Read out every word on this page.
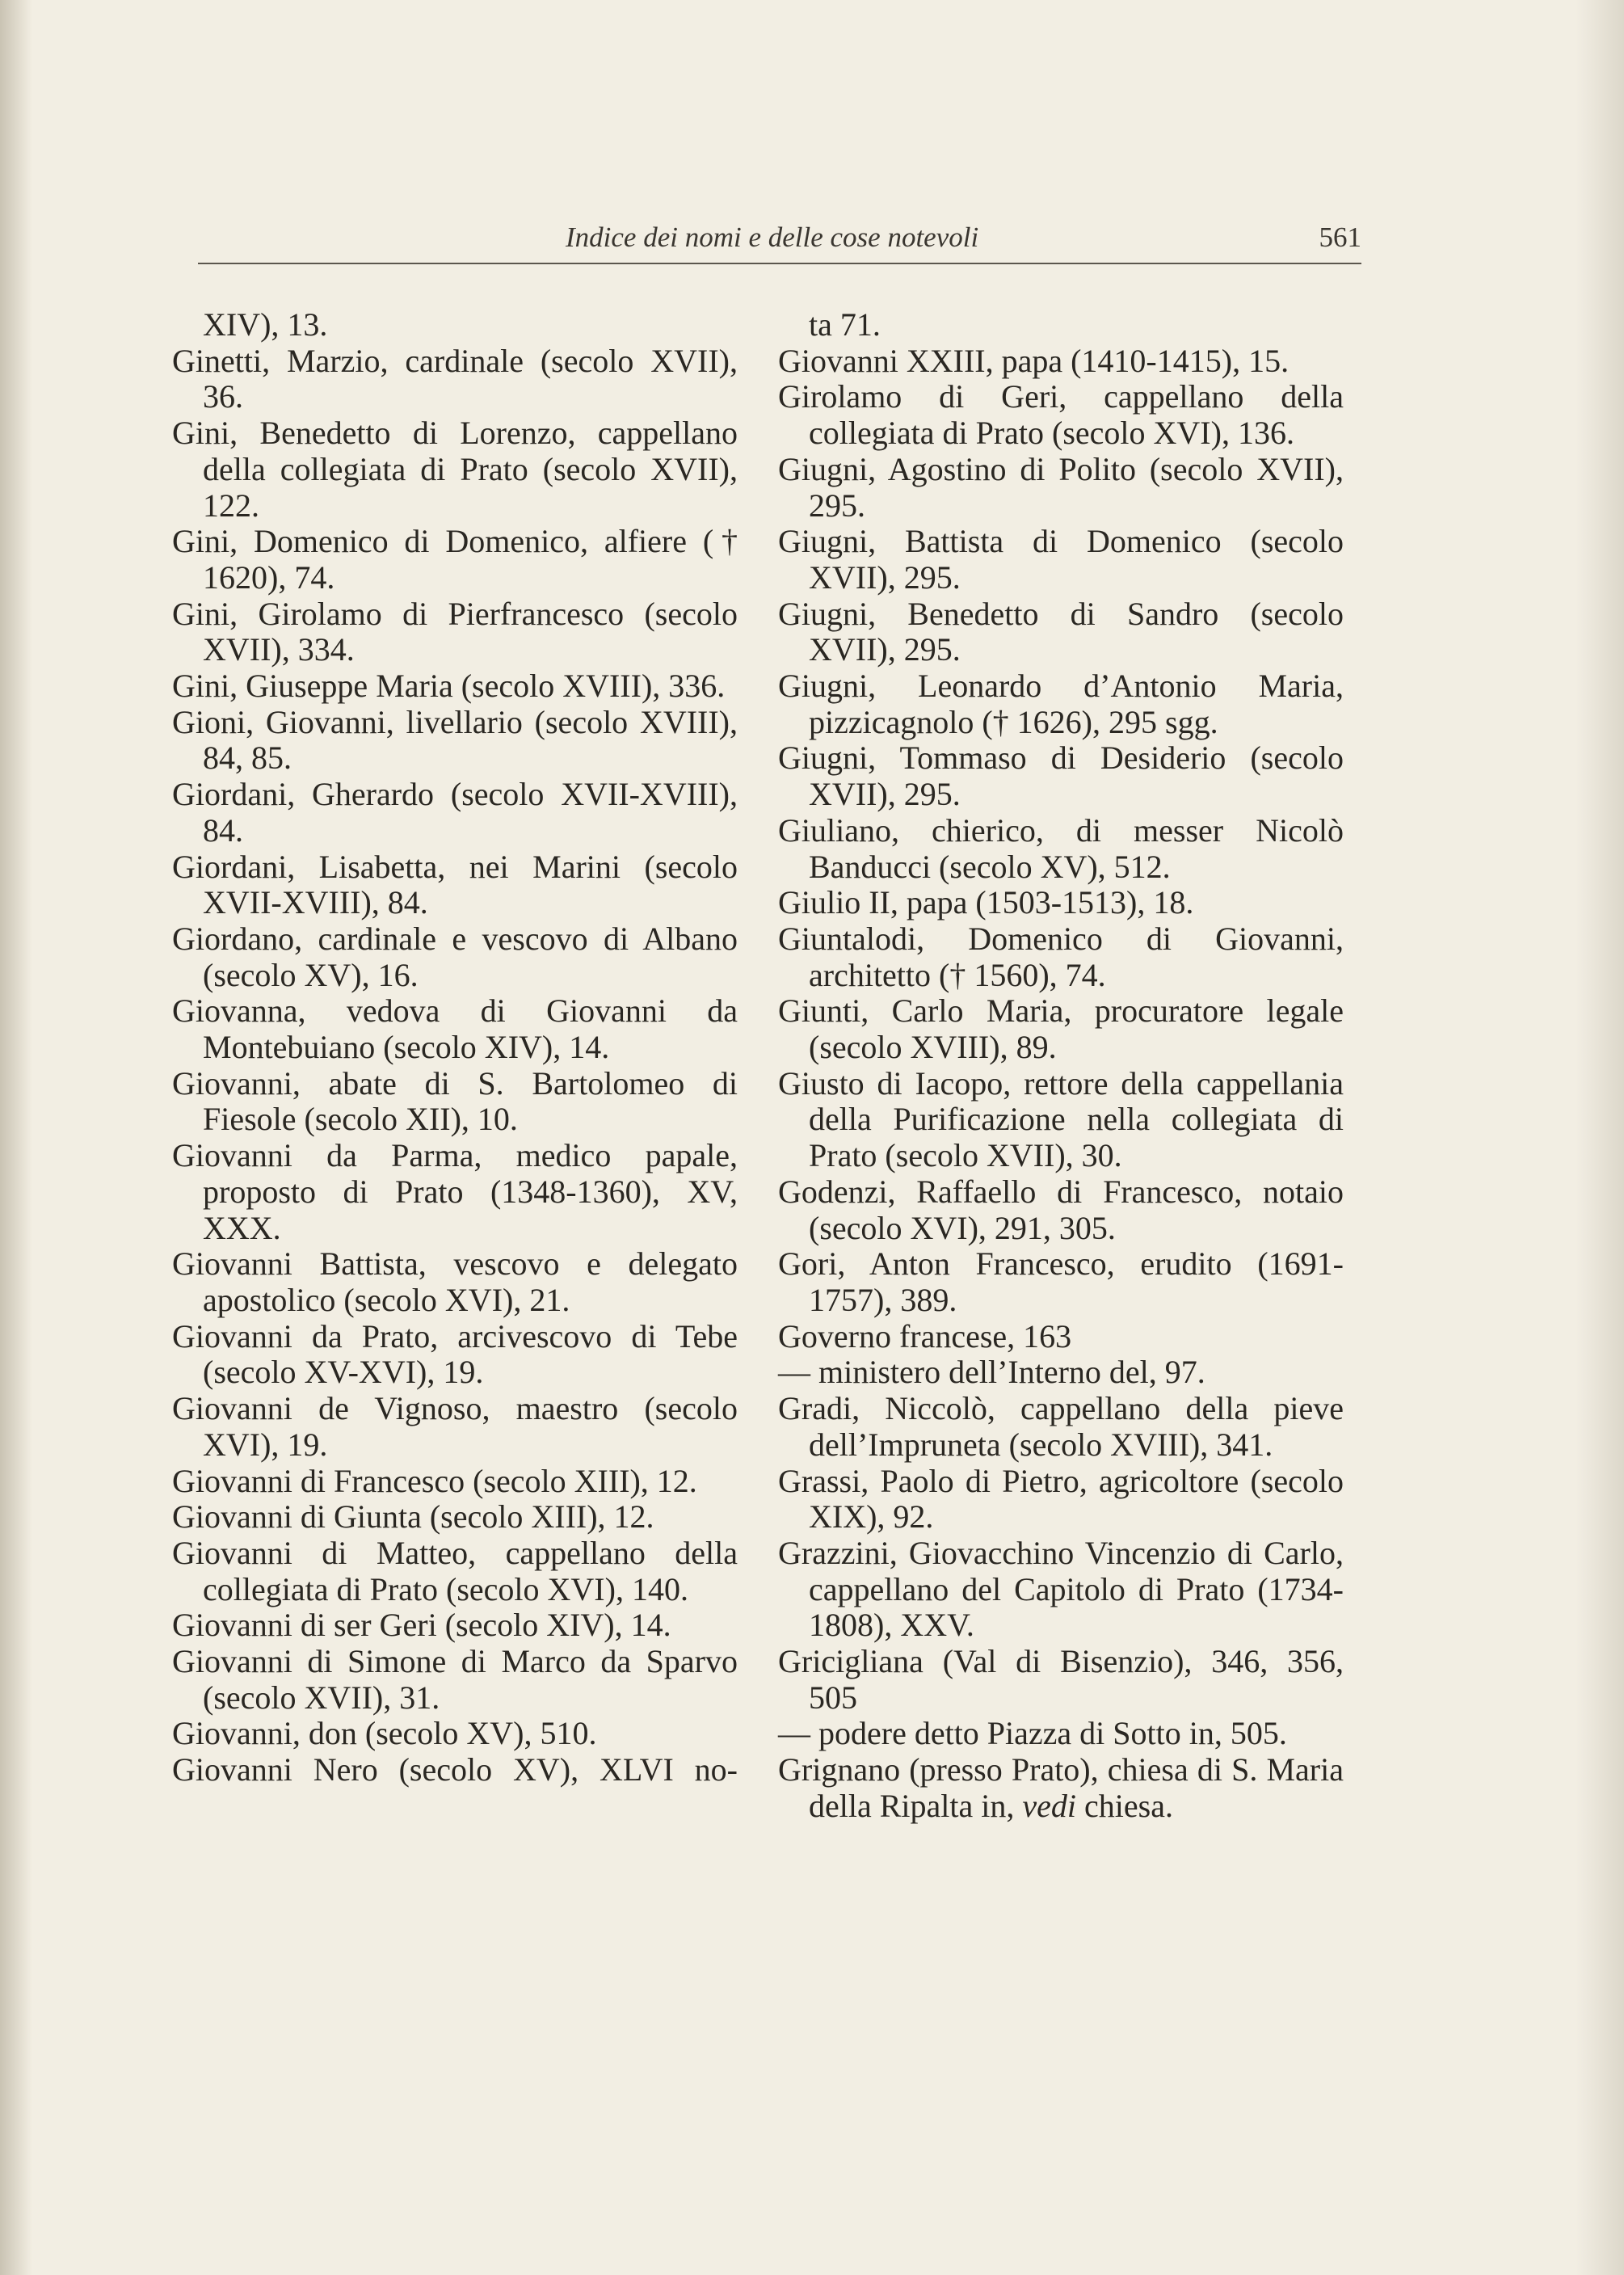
Indice dei nomi e delle cose notevoli	561
XIV), 13.
Ginetti, Marzio, cardinale (secolo XVII), 36.
Gini, Benedetto di Lorenzo, cappellano della collegiata di Prato (secolo XVII), 122.
Gini, Domenico di Domenico, alfiere († 1620), 74.
Gini, Girolamo di Pierfrancesco (secolo XVII), 334.
Gini, Giuseppe Maria (secolo XVIII), 336.
Gioni, Giovanni, livellario (secolo XVIII), 84, 85.
Giordani, Gherardo (secolo XVII-XVIII), 84.
Giordani, Lisabetta, nei Marini (secolo XVII-XVIII), 84.
Giordano, cardinale e vescovo di Albano (secolo XV), 16.
Giovanna, vedova di Giovanni da Montebuiano (secolo XIV), 14.
Giovanni, abate di S. Bartolomeo di Fiesole (secolo XII), 10.
Giovanni da Parma, medico papale, proposto di Prato (1348-1360), XV, XXX.
Giovanni Battista, vescovo e delegato apostolico (secolo XVI), 21.
Giovanni da Prato, arcivescovo di Tebe (secolo XV-XVI), 19.
Giovanni de Vignoso, maestro (secolo XVI), 19.
Giovanni di Francesco (secolo XIII), 12.
Giovanni di Giunta (secolo XIII), 12.
Giovanni di Matteo, cappellano della collegiata di Prato (secolo XVI), 140.
Giovanni di ser Geri (secolo XIV), 14.
Giovanni di Simone di Marco da Sparvo (secolo XVII), 31.
Giovanni, don (secolo XV), 510.
Giovanni Nero (secolo XV), XLVI no-
ta 71.
Giovanni XXIII, papa (1410-1415), 15.
Girolamo di Geri, cappellano della collegiata di Prato (secolo XVI), 136.
Giugni, Agostino di Polito (secolo XVII), 295.
Giugni, Battista di Domenico (secolo XVII), 295.
Giugni, Benedetto di Sandro (secolo XVII), 295.
Giugni, Leonardo d’Antonio Maria, pizzicagnolo († 1626), 295 sgg.
Giugni, Tommaso di Desiderio (secolo XVII), 295.
Giuliano, chierico, di messer Nicolò Banducci (secolo XV), 512.
Giulio II, papa (1503-1513), 18.
Giuntalodi, Domenico di Giovanni, architetto († 1560), 74.
Giunti, Carlo Maria, procuratore legale (secolo XVIII), 89.
Giusto di Iacopo, rettore della cappellania della Purificazione nella collegiata di Prato (secolo XVII), 30.
Godenzi, Raffaello di Francesco, notaio (secolo XVI), 291, 305.
Gori, Anton Francesco, erudito (1691-1757), 389.
Governo francese, 163
— ministero dell’Interno del, 97.
Gradi, Niccolò, cappellano della pieve dell’Impruneta (secolo XVIII), 341.
Grassi, Paolo di Pietro, agricoltore (secolo XIX), 92.
Grazzini, Giovacchino Vincenzio di Carlo, cappellano del Capitolo di Prato (1734-1808), XXV.
Gricigliana (Val di Bisenzio), 346, 356, 505
— podere detto Piazza di Sotto in, 505.
Grignano (presso Prato), chiesa di S. Maria della Ripalta in, vedi chiesa.
